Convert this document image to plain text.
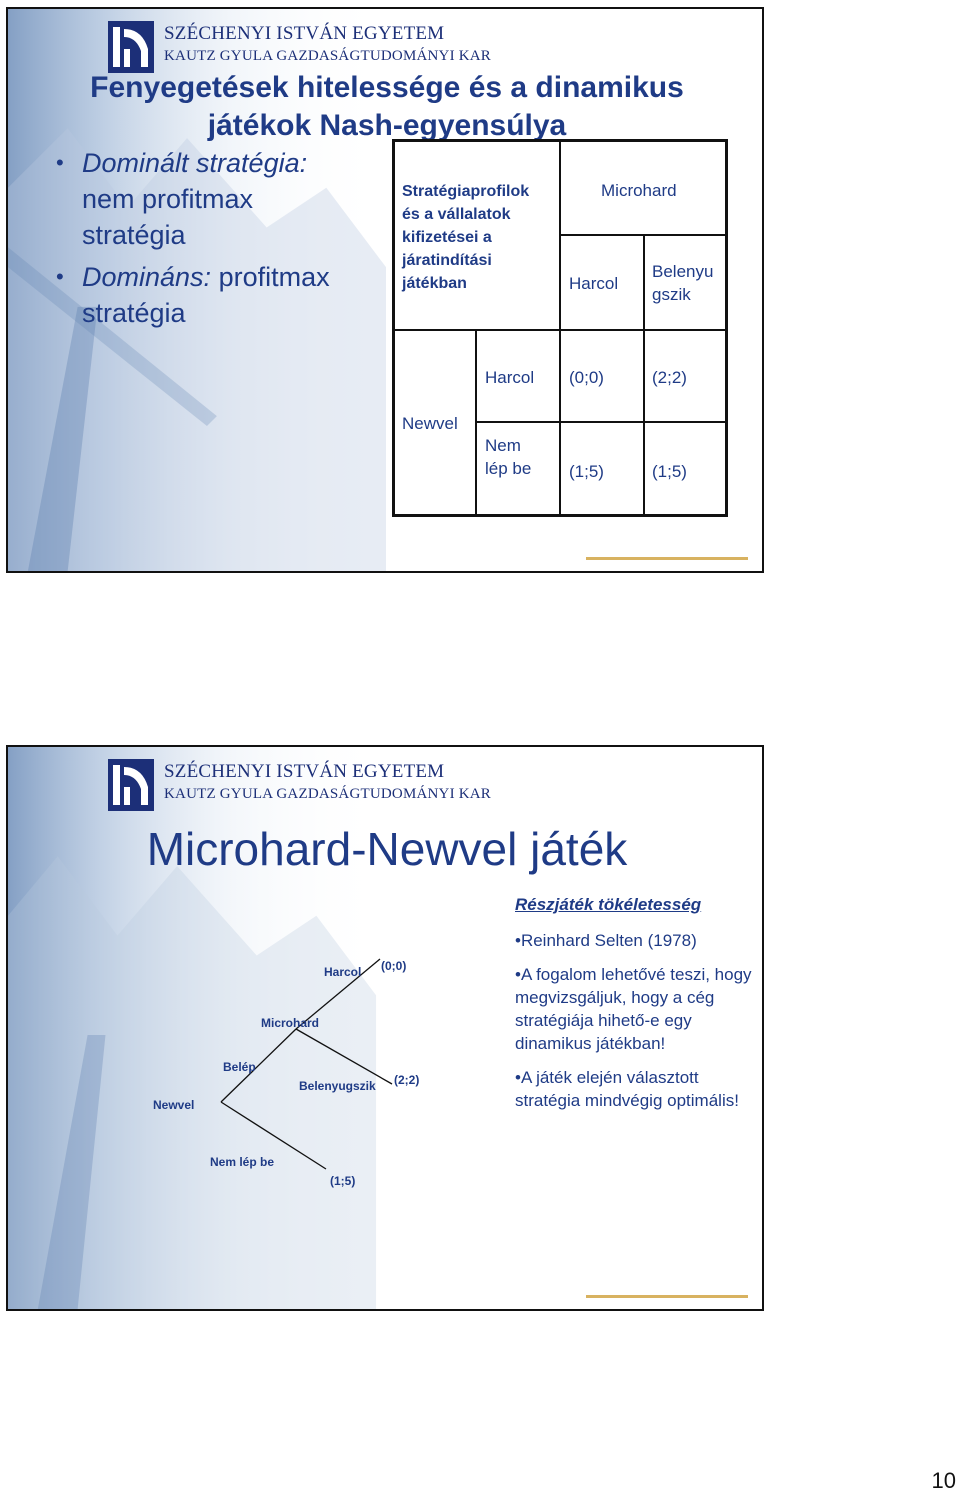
SZÉCHENYI ISTVÁN EGYETEM
KAUTZ GYULA GAZDASÁGTUDOMÁNYI KAR
Fenyegetések hitelessége és a dinamikus
játékok Nash-egyensúlya
• Dominált stratégia:
nem profitmax stratégia
• Domináns: profitmax stratégia
Stratégiaprofilok
és a vállalatok
kifizetései a
járatindítási
játékban
Microhard
Harcol
Belenyu
gszik
Newvel
Harcol
Nem
lép be
(0;0)	(2;2)
(1;5)	(1;5)
SZÉCHENYI ISTVÁN EGYETEM
KAUTZ GYULA GAZDASÁGTUDOMÁNYI KAR
Microhard-Newvel játék
Newvel
Belép
Nem lép be
Microhard
Harcol
Belenyugszik
(0;0)
(2;2)
(1;5)
Részjáték tökéletesség
•Reinhard Selten (1978)
•A fogalom lehetővé teszi, hogy megvizsgáljuk, hogy a cég stratégiája hihető-e egy dinamikus játékban!
•A játék elején választott stratégia mindvégig optimális!
10
